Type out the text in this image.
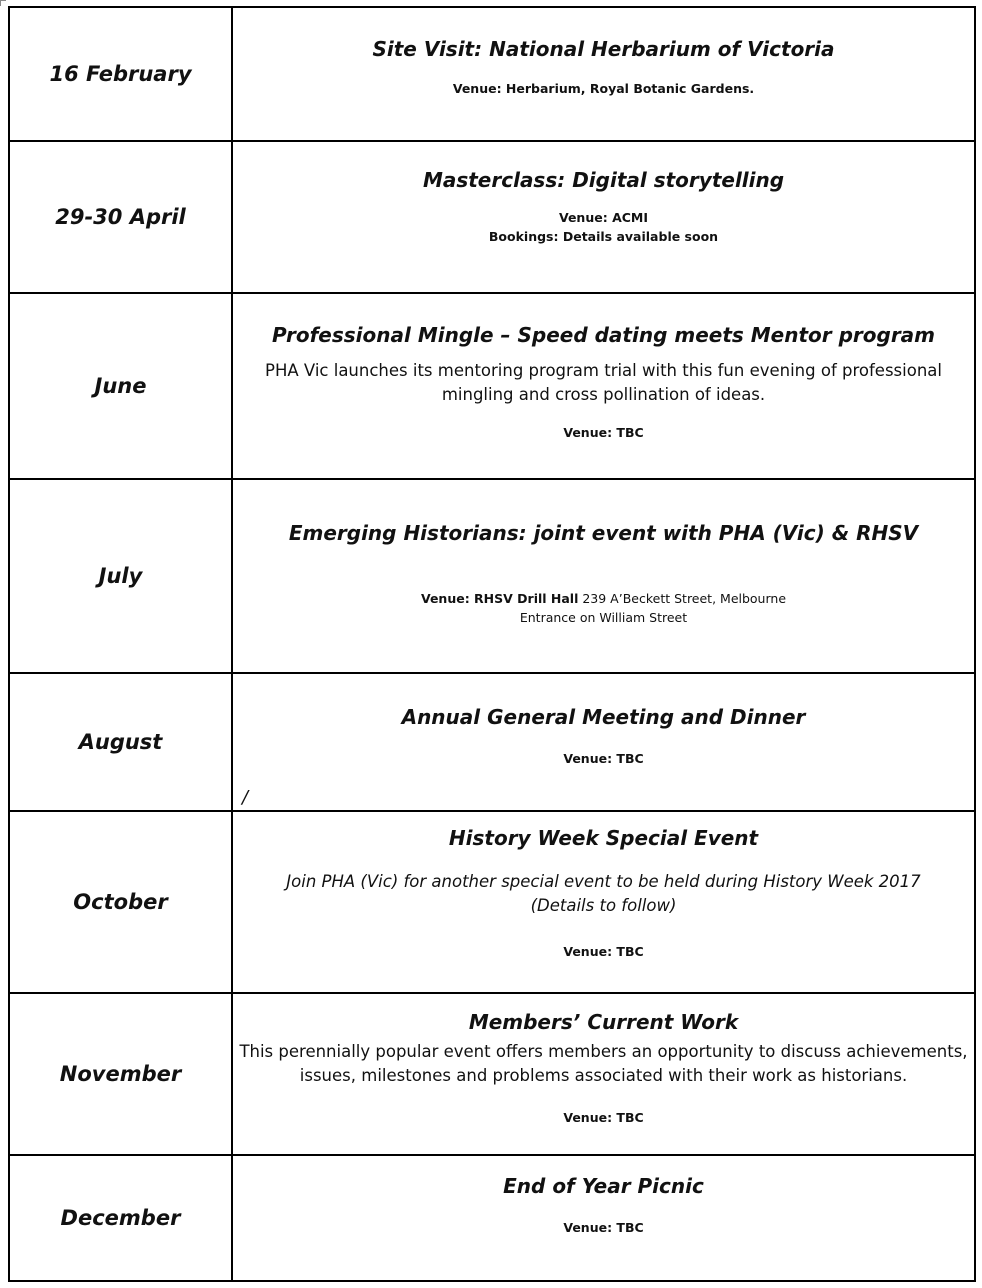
16 February	Site Visit: National Herbarium of Victoria
Venue: Herbarium, Royal Botanic Gardens.

29-30 April	Masterclass: Digital storytelling
Venue: ACMI
Bookings: Details available soon

June	Professional Mingle – Speed dating meets Mentor program
PHA Vic launches its mentoring program trial with this fun evening of professional
mingling and cross pollination of ideas.
Venue: TBC

July	Emerging Historians: joint event with PHA (Vic) & RHSV
Venue: RHSV Drill Hall 239 A’Beckett Street, Melbourne
Entrance on William Street

August	Annual General Meeting and Dinner
Venue: TBC
/

October	History Week Special Event
Join PHA (Vic) for another special event to be held during History Week 2017
(Details to follow)
Venue: TBC

November	Members’ Current Work
This perennially popular event offers members an opportunity to discuss achievements,
issues, milestones and problems associated with their work as historians.
Venue: TBC

December	End of Year Picnic
Venue: TBC
